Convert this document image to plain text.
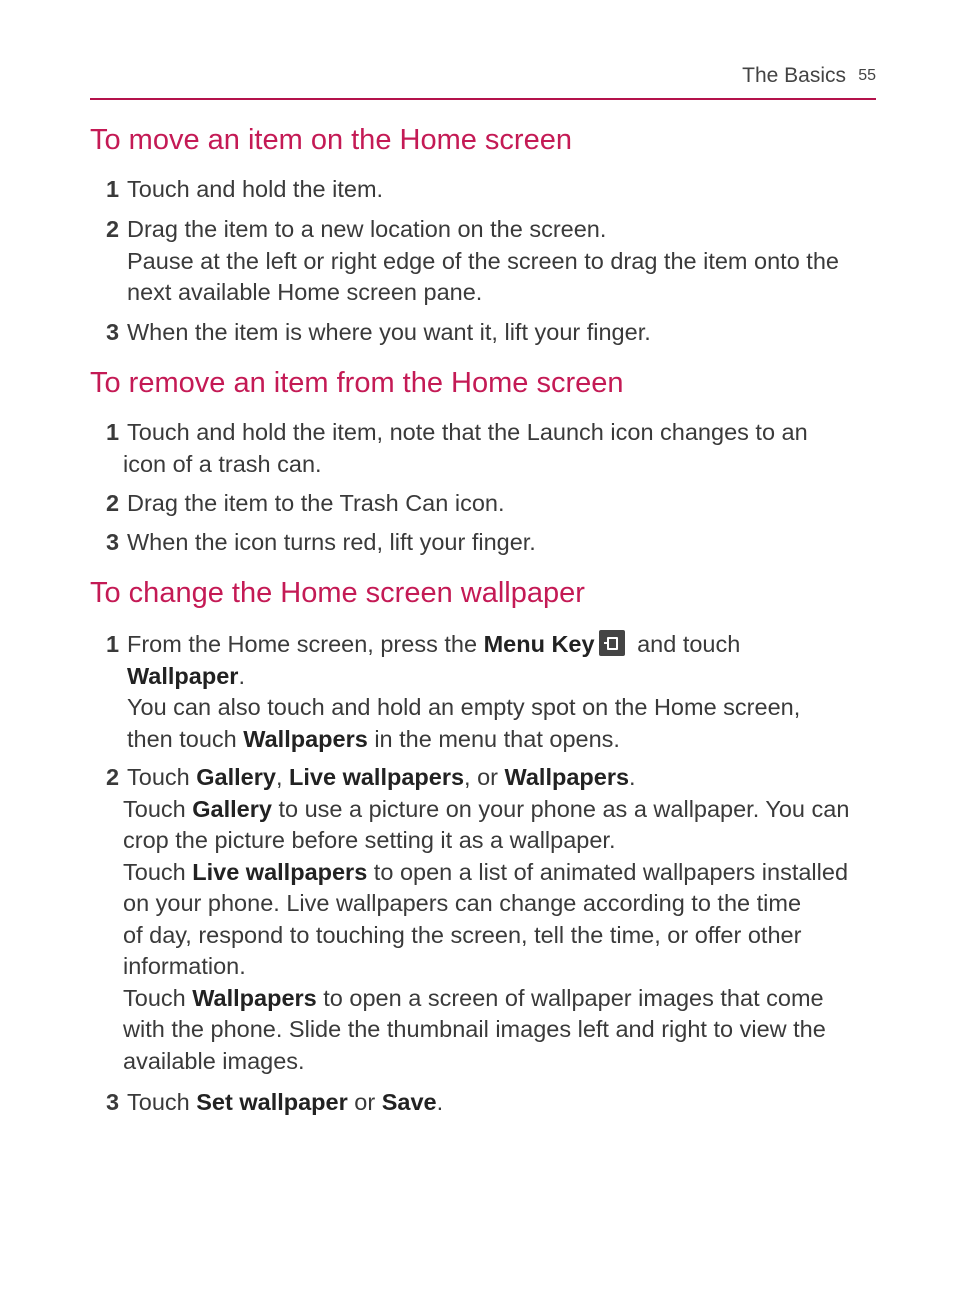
The Basics 55
To move an item on the Home screen
1 Touch and hold the item.
2 Drag the item to a new location on the screen.
Pause at the left or right edge of the screen to drag the item onto the
next available Home screen pane.
3 When the item is where you want it, lift your finger.
To remove an item from the Home screen
1 Touch and hold the item, note that the Launch icon changes to an
icon of a trash can.
2 Drag the item to the Trash Can icon.
3 When the icon turns red, lift your finger.
To change the Home screen wallpaper
1 From the Home screen, press the Menu Key and touch
Wallpaper.
You can also touch and hold an empty spot on the Home screen,
then touch Wallpapers in the menu that opens.
2 Touch Gallery, Live wallpapers, or Wallpapers.
Touch Gallery to use a picture on your phone as a wallpaper. You can
crop the picture before setting it as a wallpaper.
Touch Live wallpapers to open a list of animated wallpapers installed
on your phone. Live wallpapers can change according to the time
of day, respond to touching the screen, tell the time, or offer other
information.
Touch Wallpapers to open a screen of wallpaper images that come
with the phone. Slide the thumbnail images left and right to view the
available images.
3 Touch Set wallpaper or Save.
